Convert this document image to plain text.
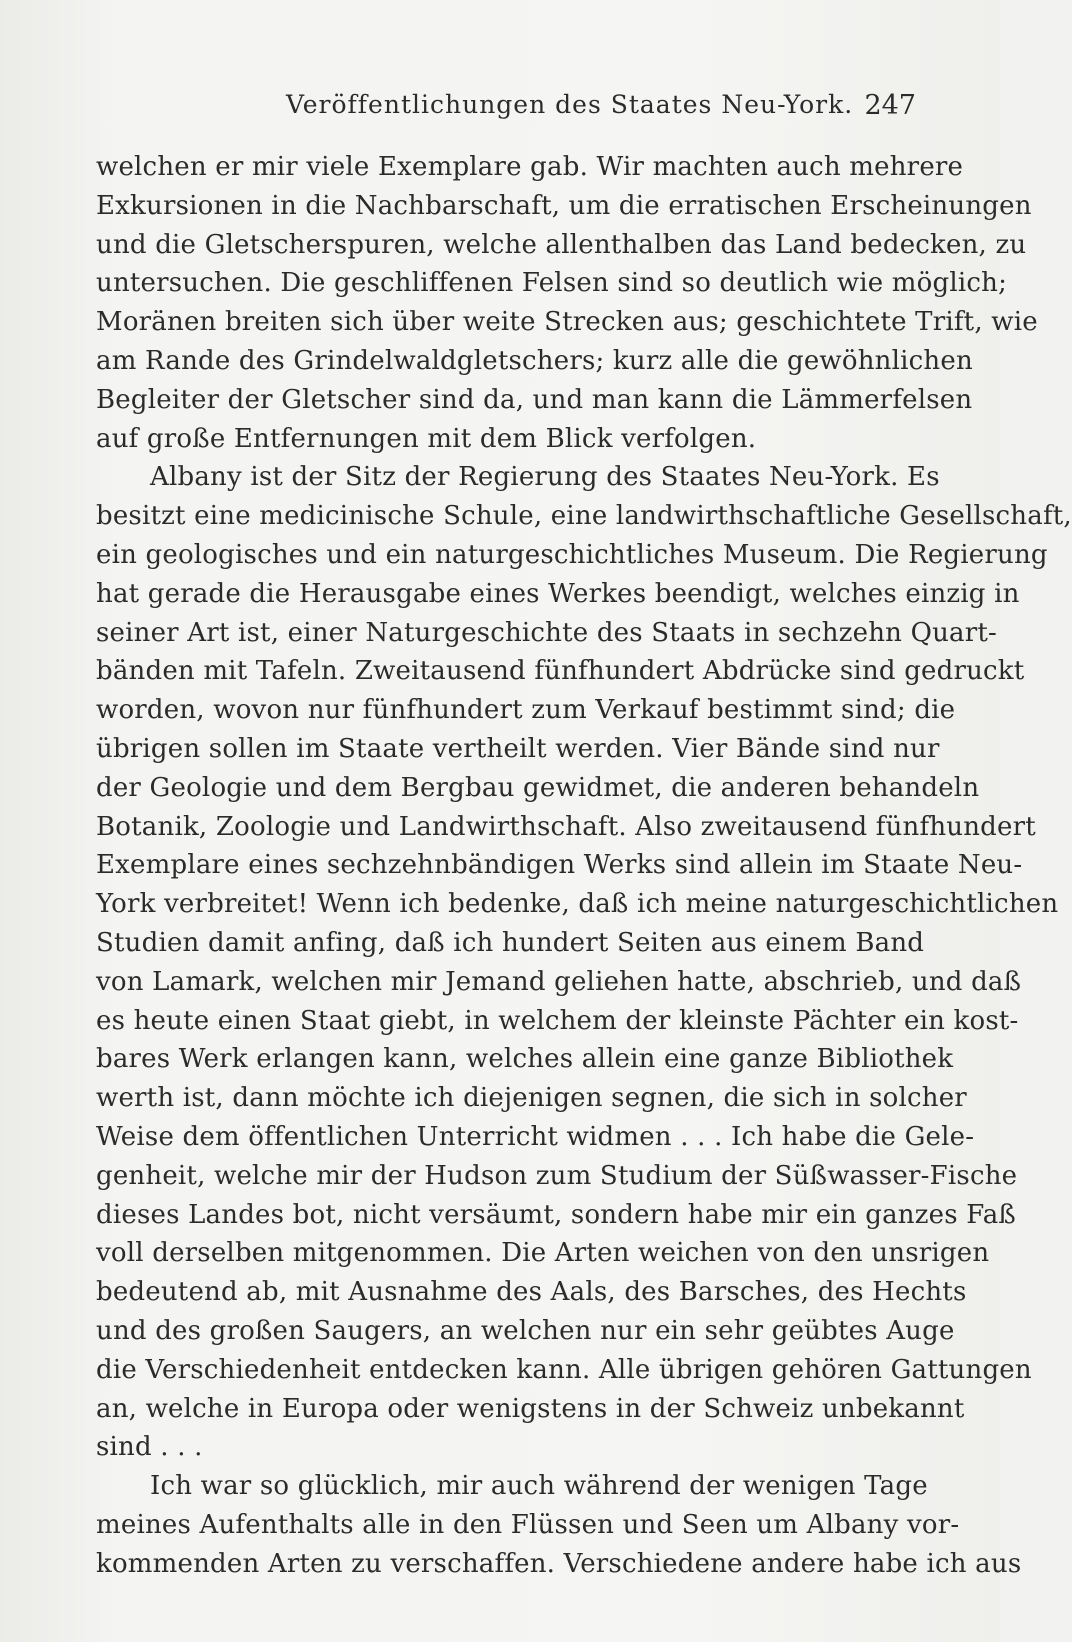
Veröffentlichungen des Staates Neu-York. 247
welchen er mir viele Exemplare gab. Wir machten auch mehrere
Exkursionen in die Nachbarschaft, um die erratischen Erscheinungen
und die Gletscherspuren, welche allenthalben das Land bedecken, zu
untersuchen. Die geschliffenen Felsen sind so deutlich wie möglich;
Moränen breiten sich über weite Strecken aus; geschichtete Trift, wie
am Rande des Grindelwaldgletschers; kurz alle die gewöhnlichen
Begleiter der Gletscher sind da, und man kann die Lämmerfelsen
auf große Entfernungen mit dem Blick verfolgen.
Albany ist der Sitz der Regierung des Staates Neu-York. Es
besitzt eine medicinische Schule, eine landwirthschaftliche Gesellschaft,
ein geologisches und ein naturgeschichtliches Museum. Die Regierung
hat gerade die Herausgabe eines Werkes beendigt, welches einzig in
seiner Art ist, einer Naturgeschichte des Staats in sechzehn Quart-
bänden mit Tafeln. Zweitausend fünfhundert Abdrücke sind gedruckt
worden, wovon nur fünfhundert zum Verkauf bestimmt sind; die
übrigen sollen im Staate vertheilt werden. Vier Bände sind nur
der Geologie und dem Bergbau gewidmet, die anderen behandeln
Botanik, Zoologie und Landwirthschaft. Also zweitausend fünfhundert
Exemplare eines sechzehnbändigen Werks sind allein im Staate Neu-
York verbreitet! Wenn ich bedenke, daß ich meine naturgeschichtlichen
Studien damit anfing, daß ich hundert Seiten aus einem Band
von Lamark, welchen mir Jemand geliehen hatte, abschrieb, und daß
es heute einen Staat giebt, in welchem der kleinste Pächter ein kost-
bares Werk erlangen kann, welches allein eine ganze Bibliothek
werth ist, dann möchte ich diejenigen segnen, die sich in solcher
Weise dem öffentlichen Unterricht widmen . . . Ich habe die Gele-
genheit, welche mir der Hudson zum Studium der Süßwasser-Fische
dieses Landes bot, nicht versäumt, sondern habe mir ein ganzes Faß
voll derselben mitgenommen. Die Arten weichen von den unsrigen
bedeutend ab, mit Ausnahme des Aals, des Barsches, des Hechts
und des großen Saugers, an welchen nur ein sehr geübtes Auge
die Verschiedenheit entdecken kann. Alle übrigen gehören Gattungen
an, welche in Europa oder wenigstens in der Schweiz unbekannt
sind . . .
Ich war so glücklich, mir auch während der wenigen Tage
meines Aufenthalts alle in den Flüssen und Seen um Albany vor-
kommenden Arten zu verschaffen. Verschiedene andere habe ich aus
